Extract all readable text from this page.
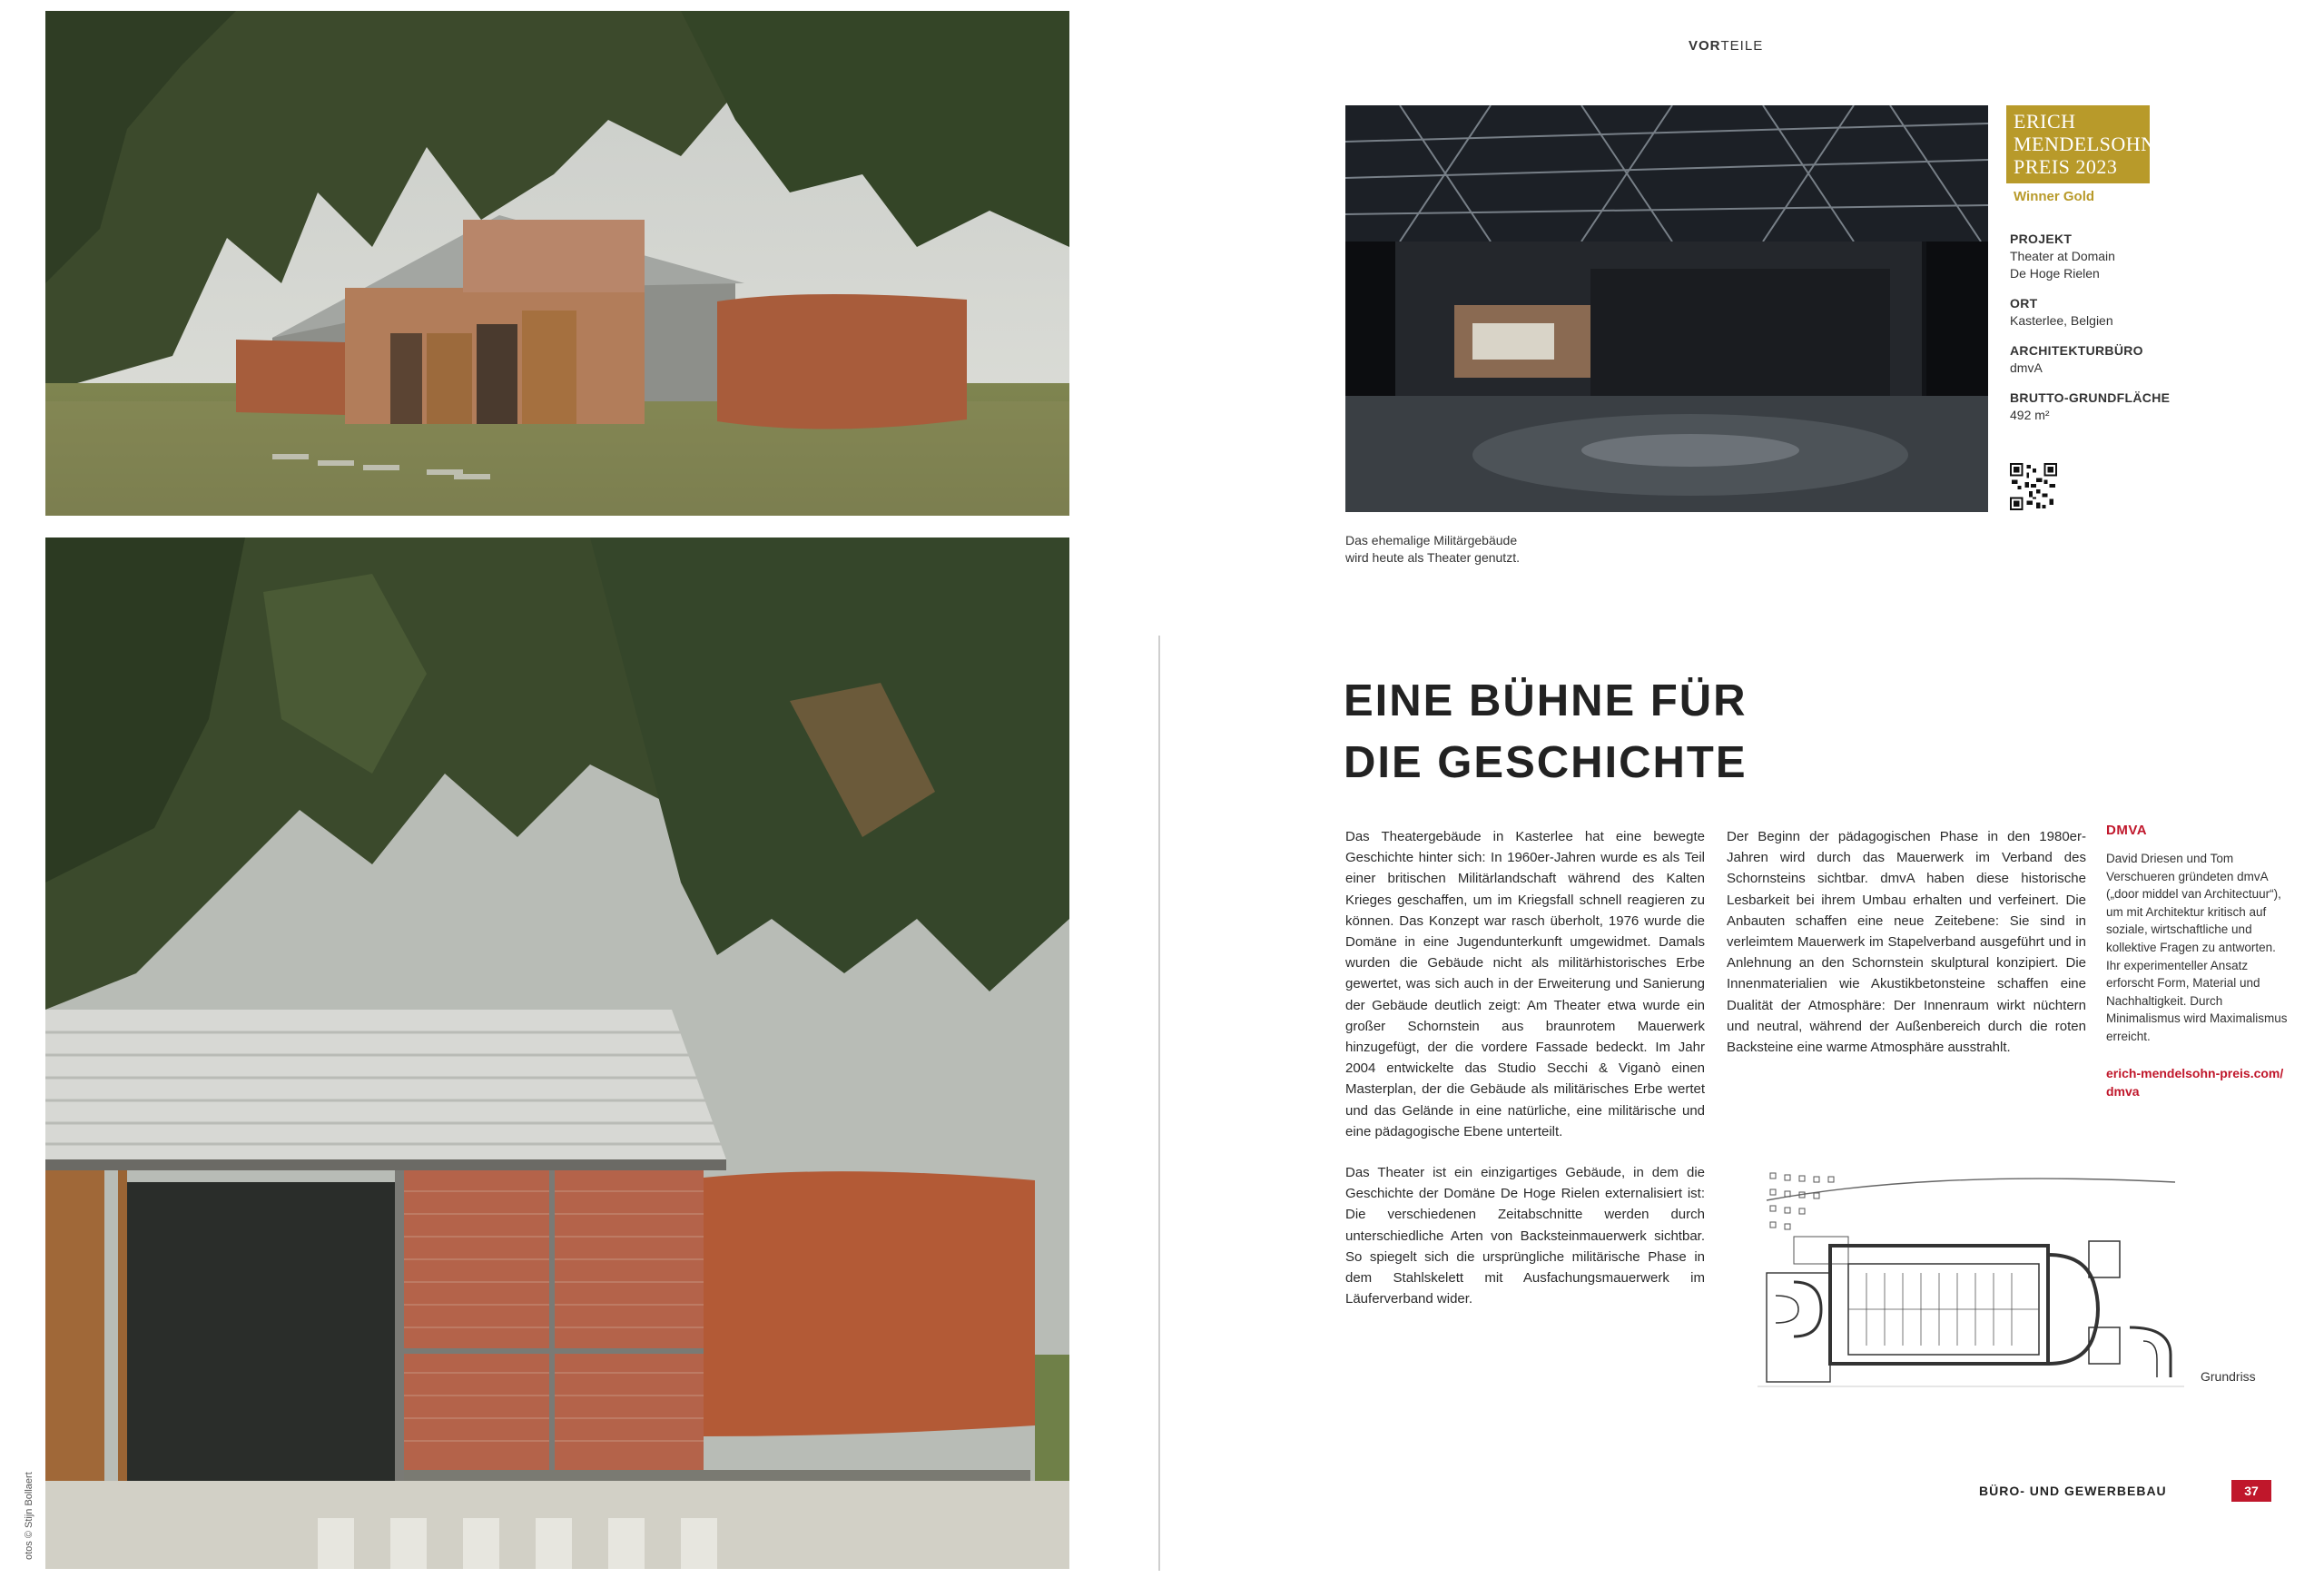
otos © Stijn Bollaert
VORTEILE
ERICH
MENDELSOHN
PREIS 2023
Winner Gold
PROJEKT
Theater at Domain
De Hoge Rielen
ORT
Kasterlee, Belgien
ARCHITEKTURBÜRO
dmvA
BRUTTO-GRUNDFLÄCHE
492 m²
Das ehemalige Militärgebäude
wird heute als Theater genutzt.
EINE BÜHNE FÜR
DIE GESCHICHTE

Das Theatergebäude in Kasterlee hat eine bewegte Geschichte hinter sich: In 1960er-Jahren wurde es als Teil einer britischen Militärlandschaft während des Kalten Krieges geschaffen, um im Kriegsfall schnell reagieren zu können. Das Konzept war rasch überholt, 1976 wurde die Domäne in eine Jugendunterkunft umgewidmet. Damals wurden die Gebäude nicht als militärhistorisches Erbe gewertet, was sich auch in der Erweiterung und Sanierung der Gebäude deutlich zeigt: Am Theater etwa wurde ein großer Schornstein aus braunrotem Mauerwerk hinzugefügt, der die vordere Fassade bedeckt. Im Jahr 2004 entwickelte das Studio Secchi & Viganò einen Masterplan, der die Gebäude als militärisches Erbe wertet und das Gelände in eine natürliche, eine militärische und eine pädagogische Ebene unterteilt.

Das Theater ist ein einzigartiges Gebäude, in dem die Geschichte der Domäne De Hoge Rielen externalisiert ist: Die verschiedenen Zeitabschnitte werden durch unterschiedliche Arten von Backsteinmauerwerk sichtbar. So spiegelt sich die ursprüngliche militärische Phase in dem Stahlskelett mit Ausfachungsmauerwerk im Läuferverband wider.

Der Beginn der pädagogischen Phase in den 1980er-Jahren wird durch das Mauerwerk im Verband des Schornsteins sichtbar. dmvA haben diese historische Lesbarkeit bei ihrem Umbau erhalten und verfeinert. Die Anbauten schaffen eine neue Zeitebene: Sie sind in verleimtem Mauerwerk im Stapelverband ausgeführt und in Anlehnung an den Schornstein skulptural konzipiert. Die Innenmaterialien wie Akustikbetonsteine schaffen eine Dualität der Atmosphäre: Der Innenraum wirkt nüchtern und neutral, während der Außenbereich durch die roten Backsteine eine warme Atmosphäre ausstrahlt.

DMVA
David Driesen und Tom Verschueren gründeten dmvA („door middel van Architectuur“), um mit Architektur kritisch auf soziale, wirtschaftliche und kollektive Fragen zu antworten. Ihr experimenteller Ansatz erforscht Form, Material und Nachhaltigkeit. Durch Minimalismus wird Maximalismus erreicht.
erich-mendelsohn-preis.com/
dmva
Grundriss
BÜRO- UND GEWERBEBAU	37
